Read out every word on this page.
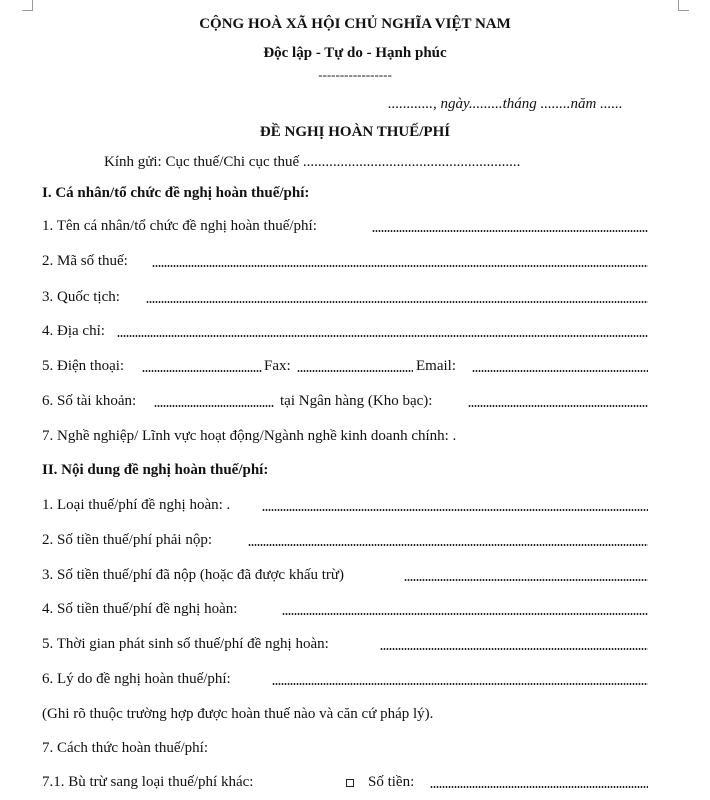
CỘNG HOÀ XÃ HỘI CHỦ NGHĨA VIỆT NAM
Độc lập - Tự do - Hạnh phúc
-----------------
............, ngày.........tháng ........năm ......
ĐỀ NGHỊ HOÀN THUẾ/PHÍ
Kính gửi: Cục thuế/Chi cục thuế ..........................................................
I. Cá nhân/tổ chức đề nghị hoàn thuế/phí:
1. Tên cá nhân/tổ chức đề nghị hoàn thuế/phí:
2. Mã số thuế:
3. Quốc tịch:
4. Địa chỉ:
5. Điện thoại:	Fax:	Email:
6. Số tài khoản:	tại Ngân hàng (Kho bạc):
7. Nghề nghiệp/ Lĩnh vực hoạt động/Ngành nghề kinh doanh chính: .
II. Nội dung đề nghị hoàn thuế/phí:
1. Loại thuế/phí đề nghị hoàn: .
2. Số tiền thuế/phí phải nộp:
3. Số tiền thuế/phí đã nộp (hoặc đã được khấu trừ)
4. Số tiền thuế/phí đề nghị hoàn:
5. Thời gian phát sinh số thuế/phí đề nghị hoàn:
6. Lý do đề nghị hoàn thuế/phí:
(Ghi rõ thuộc trường hợp được hoàn thuế nào và căn cứ pháp lý).
7. Cách thức hoàn thuế/phí:
7.1. Bù trừ sang loại thuế/phí khác:	Số tiền:
